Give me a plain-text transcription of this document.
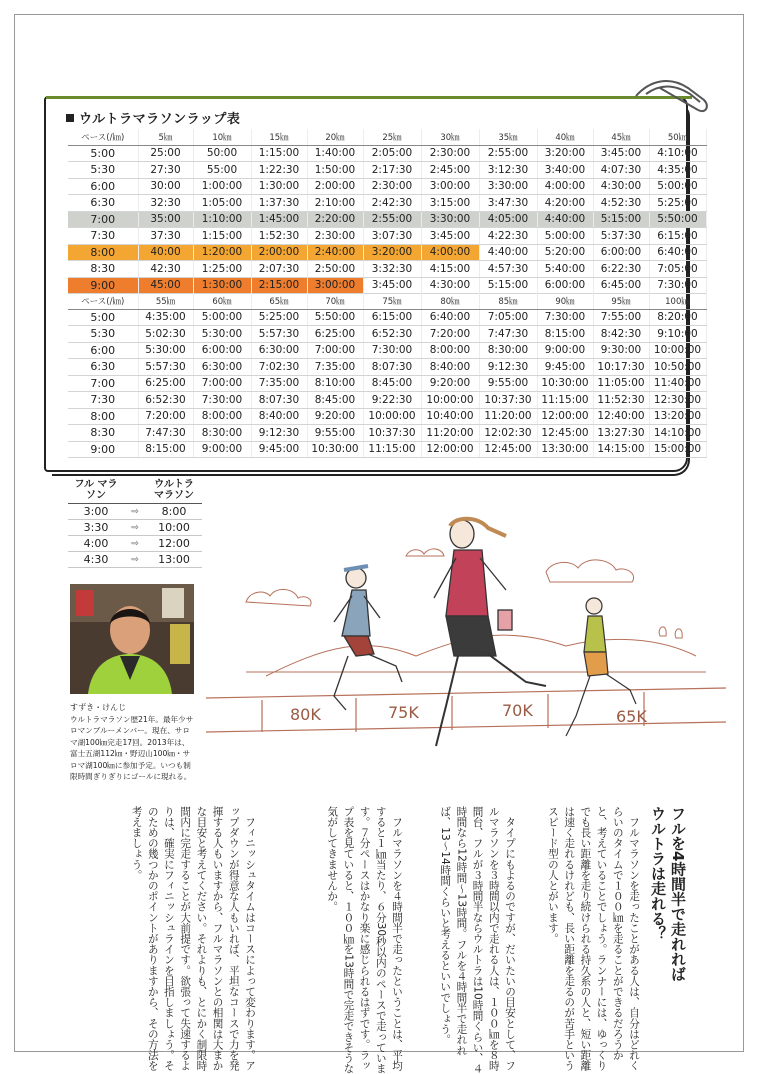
ウルトラマラソンラップ表
ペース(/㎞)	5㎞	10㎞	15㎞	20㎞	25㎞	30㎞	35㎞	40㎞	45㎞	50㎞
5:00	25:00	50:00	1:15:00	1:40:00	2:05:00	2:30:00	2:55:00	3:20:00	3:45:00	4:10:00
5:30	27:30	55:00	1:22:30	1:50:00	2:17:30	2:45:00	3:12:30	3:40:00	4:07:30	4:35:00
6:00	30:00	1:00:00	1:30:00	2:00:00	2:30:00	3:00:00	3:30:00	4:00:00	4:30:00	5:00:00
6:30	32:30	1:05:00	1:37:30	2:10:00	2:42:30	3:15:00	3:47:30	4:20:00	4:52:30	5:25:00
7:00	35:00	1:10:00	1:45:00	2:20:00	2:55:00	3:30:00	4:05:00	4:40:00	5:15:00	5:50:00
7:30	37:30	1:15:00	1:52:30	2:30:00	3:07:30	3:45:00	4:22:30	5:00:00	5:37:30	6:15:00
8:00	40:00	1:20:00	2:00:00	2:40:00	3:20:00	4:00:00	4:40:00	5:20:00	6:00:00	6:40:00
8:30	42:30	1:25:00	2:07:30	2:50:00	3:32:30	4:15:00	4:57:30	5:40:00	6:22:30	7:05:00
9:00	45:00	1:30:00	2:15:00	3:00:00	3:45:00	4:30:00	5:15:00	6:00:00	6:45:00	7:30:00
ペース(/㎞)	55㎞	60㎞	65㎞	70㎞	75㎞	80㎞	85㎞	90㎞	95㎞	100㎞
5:00	4:35:00	5:00:00	5:25:00	5:50:00	6:15:00	6:40:00	7:05:00	7:30:00	7:55:00	8:20:00
5:30	5:02:30	5:30:00	5:57:30	6:25:00	6:52:30	7:20:00	7:47:30	8:15:00	8:42:30	9:10:00
6:00	5:30:00	6:00:00	6:30:00	7:00:00	7:30:00	8:00:00	8:30:00	9:00:00	9:30:00	10:00:00
6:30	5:57:30	6:30:00	7:02:30	7:35:00	8:07:30	8:40:00	9:12:30	9:45:00	10:17:30	10:50:00
7:00	6:25:00	7:00:00	7:35:00	8:10:00	8:45:00	9:20:00	9:55:00	10:30:00	11:05:00	11:40:00
7:30	6:52:30	7:30:00	8:07:30	8:45:00	9:22:30	10:00:00	10:37:30	11:15:00	11:52:30	12:30:00
8:00	7:20:00	8:00:00	8:40:00	9:20:00	10:00:00	10:40:00	11:20:00	12:00:00	12:40:00	13:20:00
8:30	7:47:30	8:30:00	9:12:30	9:55:00	10:37:30	11:20:00	12:02:30	12:45:00	13:27:30	14:10:00
9:00	8:15:00	9:00:00	9:45:00	10:30:00	11:15:00	12:00:00	12:45:00	13:30:00	14:15:00	15:00:00
フル マラソン		ウルトラ マラソン
3:00	⇨	8:00
3:30	⇨	10:00
4:00	⇨	12:00
4:30	⇨	13:00
すずき・けんじ
ウルトラマラソン歴21年。最年少サロマンブルーメンバー。現在、サロマ湖100㎞完走17回。2013年は、富士五湖112㎞・野辺山100㎞・サロマ湖100㎞に参加予定。いつも制限時間ぎりぎりにゴールに現れる。
80K	75K	70K	65K
フルを4時間半で走れれば
ウルトラは走れる？
　フルマラソンを走ったことがある人は、自分はどれくらいのタイムで１００㎞を走ることができるだろうかと、考えていることでしょう。ランナーには、ゆっくりでも長い距離を走り続けられる持久系の人と、短い距離は速く走れるけれども、長い距離を走るのが苦手というスピード型の人とがいます。
　タイプにもよるのですが、だいたいの目安として、フルマラソンを３時間以内で走れる人は、１００㎞を８時間台、フルが３時間半ならウルトラは10時間くらい、４時間なら12時間～13時間。フルを４時間半で走れれば、13～14時間くらいと考えるといいでしょう。
　フルマラソンを４時間半で走ったということは、平均すると１㎞当たり、６分30秒以内のペースで走っています。７分ペースはかなり楽に感じられるはずです。ラップ表を見ていると、１００㎞を13時間で完走できそうな気がしてきませんか。
　フィニッシュタイムはコースによって変わります。アップダウンが得意な人もいれば、平坦なコースで力を発揮する人もいますから、フルマラソンとの相関は大まかな目安と考えてください。それよりも、とにかく制限時間内に完走することが大前提です。欲張って失速するよりは、確実にフィニッシュラインを目指しましょう。そのための幾つかのポイントがありますから、その方法を考えましょう。
